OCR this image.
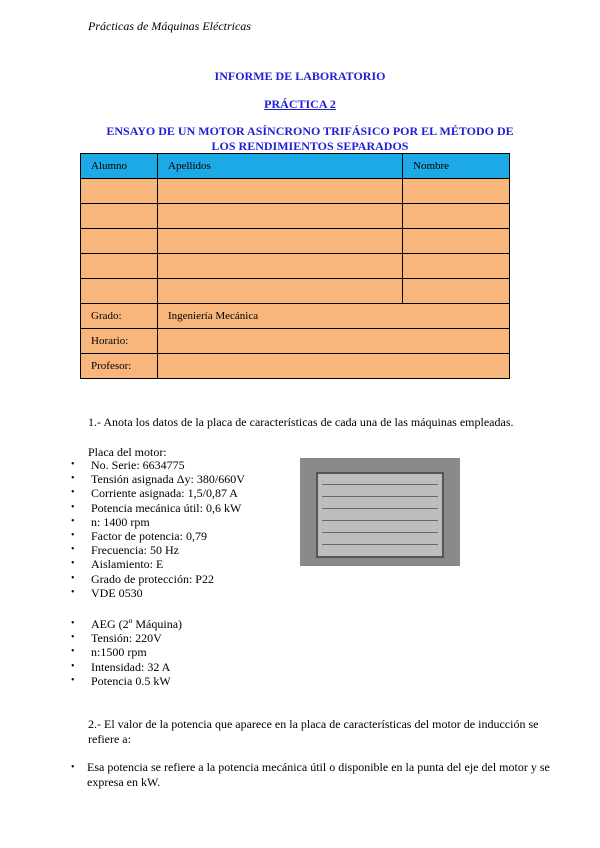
Prácticas de Máquinas Eléctricas
INFORME DE LABORATORIO
PRÁCTICA 2
ENSAYO DE UN MOTOR ASÍNCRONO TRIFÁSICO POR EL MÉTODO DE LOS RENDIMIENTOS SEPARADOS
Alumno	Apellidos	Nombre

Grado:	Ingeniería Mecánica	
Horario:		
Profesor:		
1.- Anota los datos de la placa de características de cada una de las máquinas empleadas.
Placa del motor:
• No. Serie: 6634775
• Tensión asignada Δy: 380/660V
• Corriente asignada: 1,5/0,87 A
• Potencia mecánica útil: 0,6 kW
• n: 1400 rpm
• Factor de potencia: 0,79
• Frecuencia: 50 Hz
• Aislamiento: E
• Grado de protección: P22
• VDE 0530
• AEG (2º Máquina)
• Tensión: 220V
• n:1500 rpm
• Intensidad: 32 A
• Potencia 0.5 kW
2.- El valor de la potencia que aparece en la placa de características del motor de inducción se refiere a:
• Esa potencia se refiere a la potencia mecánica útil o disponible en la punta del eje del motor y se expresa en kW.
